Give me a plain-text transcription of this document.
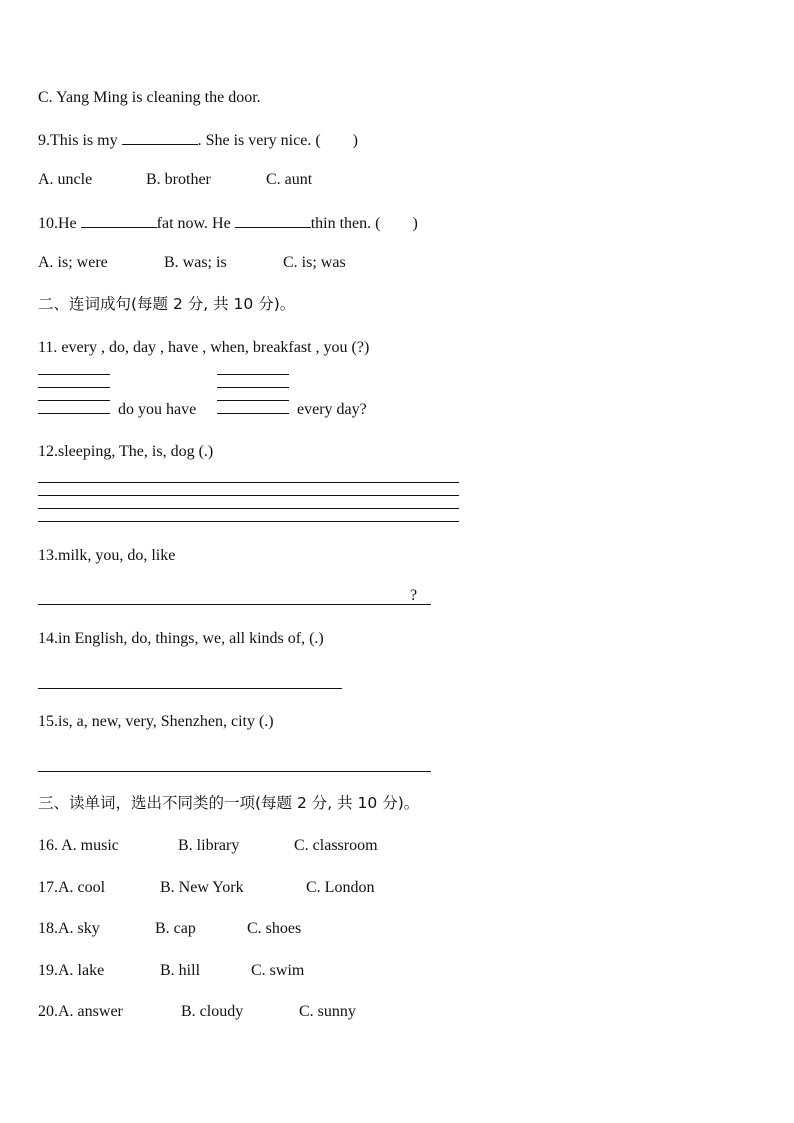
C. Yang Ming is cleaning the door.
9.This is my	. She is very nice. ( )
A. uncle	B. brother	C. aunt
10.He	fat now. He	thin then. ( )
A. is; were	B. was; is	C. is; was
二、连词成句(每题 2 分, 共 10 分)。
11. every , do, day , have , when, breakfast , you (?)
do you have	every day?
12.sleeping, The, is, dog (.)
13.milk, you, do, like
?
14.in English, do, things, we, all kinds of, (.)
15.is, a, new, very, Shenzhen, city (.)
三、读单词，选出不同类的一项(每题 2 分, 共 10 分)。
16. A. music	B. library	C. classroom
17.A. cool	B. New York	C. London
18.A. sky	B. cap	C. shoes
19.A. lake	B. hill	C. swim
20.A. answer	B. cloudy	C. sunny
